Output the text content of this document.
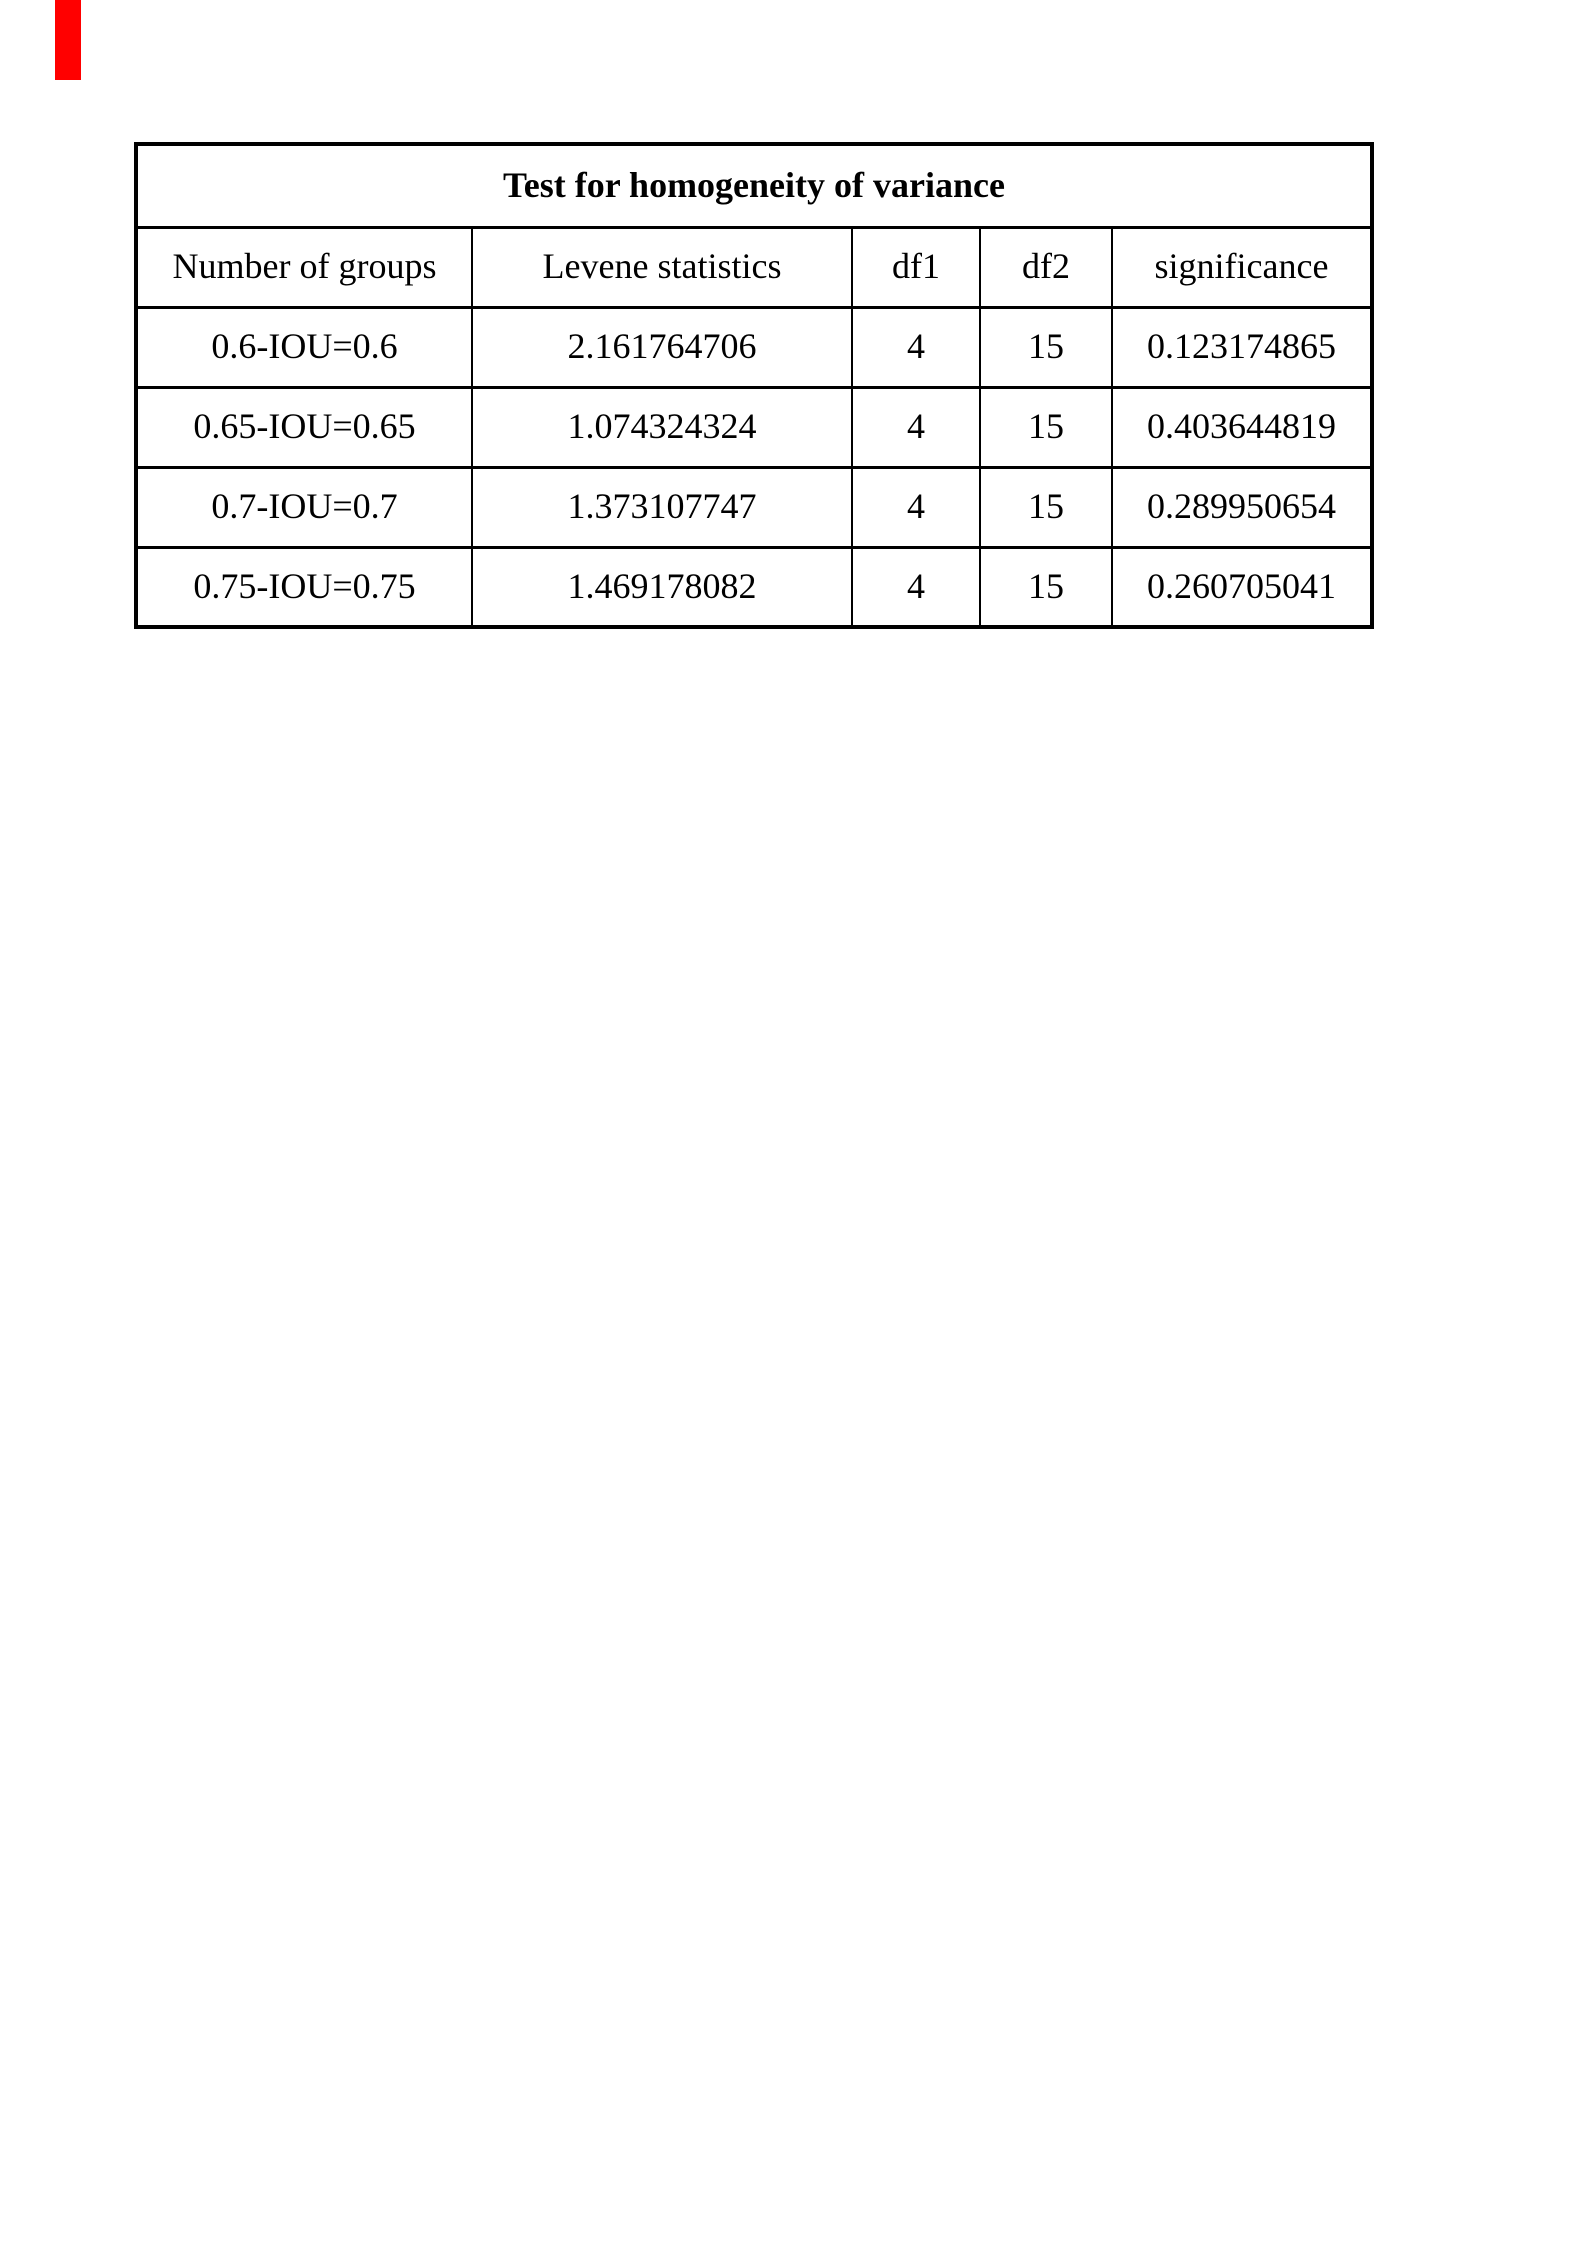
Test for homogeneity of variance				
Number of groups	Levene statistics	df1	df2	significance
0.6-IOU=0.6	2.161764706	4	15	0.123174865
0.65-IOU=0.65	1.074324324	4	15	0.403644819
0.7-IOU=0.7	1.373107747	4	15	0.289950654
0.75-IOU=0.75	1.469178082	4	15	0.260705041
